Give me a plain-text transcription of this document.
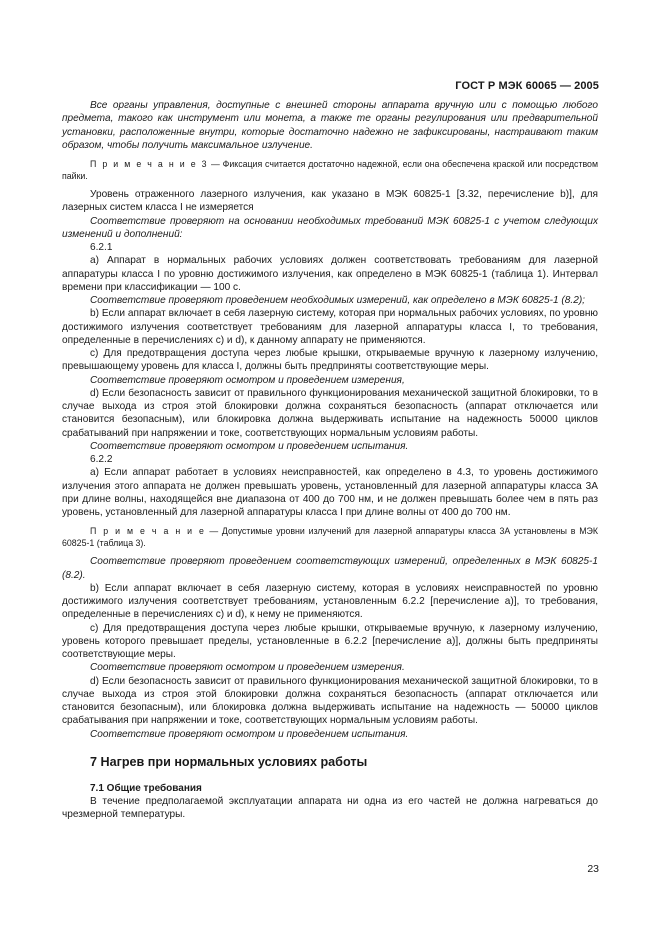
ГОСТ Р МЭК 60065 — 2005

Все органы управления, доступные с внешней стороны аппарата вручную или с помощью любого предмета, такого как инструмент или монета, а также те органы регулирования или предварительной установки, расположенные внутри, которые достаточно надежно не зафиксированы, настраивают таким образом, чтобы получить максимальное излучение.

П р и м е ч а н и е 3 — Фиксация считается достаточно надежной, если она обеспечена краской или посредством пайки.

Уровень отраженного лазерного излучения, как указано в МЭК 60825-1 [3.32, перечисление b)], для лазерных систем класса I не измеряется

Соответствие проверяют на основании необходимых требований МЭК 60825-1 с учетом следующих изменений и дополнений:

6.2.1

a) Аппарат в нормальных рабочих условиях должен соответствовать требованиям для лазерной аппаратуры класса I по уровню достижимого излучения, как определено в МЭК 60825-1 (таблица 1). Интервал времени при классификации — 100 с.

Соответствие проверяют проведением необходимых измерений, как определено в МЭК 60825-1 (8.2);

b) Если аппарат включает в себя лазерную систему, которая при нормальных рабочих условиях, по уровню достижимого излучения соответствует требованиям для лазерной аппаратуры класса I, то требования, определенные в перечислениях c) и d), к данному аппарату не применяются.

c) Для предотвращения доступа через любые крышки, открываемые вручную к лазерному излучению, превышающему уровень для класса I, должны быть предприняты соответствующие меры.

Соответствие проверяют осмотром и проведением измерения,

d) Если безопасность зависит от правильного функционирования механической защитной блокировки, то в случае выхода из строя этой блокировки должна сохраняться безопасность (аппарат отключается или становится безопасным), или блокировка должна выдерживать испытание на надежность 50000 циклов срабатываний при напряжении и токе, соответствующих нормальным условиям работы.

Соответствие проверяют осмотром и проведением испытания.

6.2.2

a) Если аппарат работает в условиях неисправностей, как определено в 4.3, то уровень достижимого излучения этого аппарата не должен превышать уровень, установленный для лазерной аппаратуры класса 3А при длине волны, находящейся вне диапазона от 400 до 700 нм, и не должен превышать более чем в пять раз уровень, установленный для лазерной аппаратуры класса I при длине волны от 400 до 700 нм.

П р и м е ч а н и е — Допустимые уровни излучений для лазерной аппаратуры класса 3А установлены в МЭК 60825-1 (таблица 3).

Соответствие проверяют проведением соответствующих измерений, определенных в МЭК 60825-1 (8.2).

b) Если аппарат включает в себя лазерную систему, которая в условиях неисправностей по уровню достижимого излучения соответствует требованиям, установленным 6.2.2 [перечисление a)], то требования, определенные в перечислениях c) и d), к нему не применяются.

c) Для предотвращения доступа через любые крышки, открываемые вручную, к лазерному излучению, уровень которого превышает пределы, установленные в 6.2.2 [перечисление a)], должны быть предприняты соответствующие меры.

Соответствие проверяют осмотром и проведением измерения.

d) Если безопасность зависит от правильного функционирования механической защитной блокировки, то в случае выхода из строя этой блокировки должна сохраняться безопасность (аппарат отключается или становится безопасным), или блокировка должна выдерживать испытание на надежность — 50000 циклов срабатывания при напряжении и токе, соответствующих нормальным условиям работы.

Соответствие проверяют осмотром и проведением испытания.

7 Нагрев при нормальных условиях работы
7.1 Общие требования

В течение предполагаемой эксплуатации аппарата ни одна из его частей не должна нагреваться до чрезмерной температуры.

23
